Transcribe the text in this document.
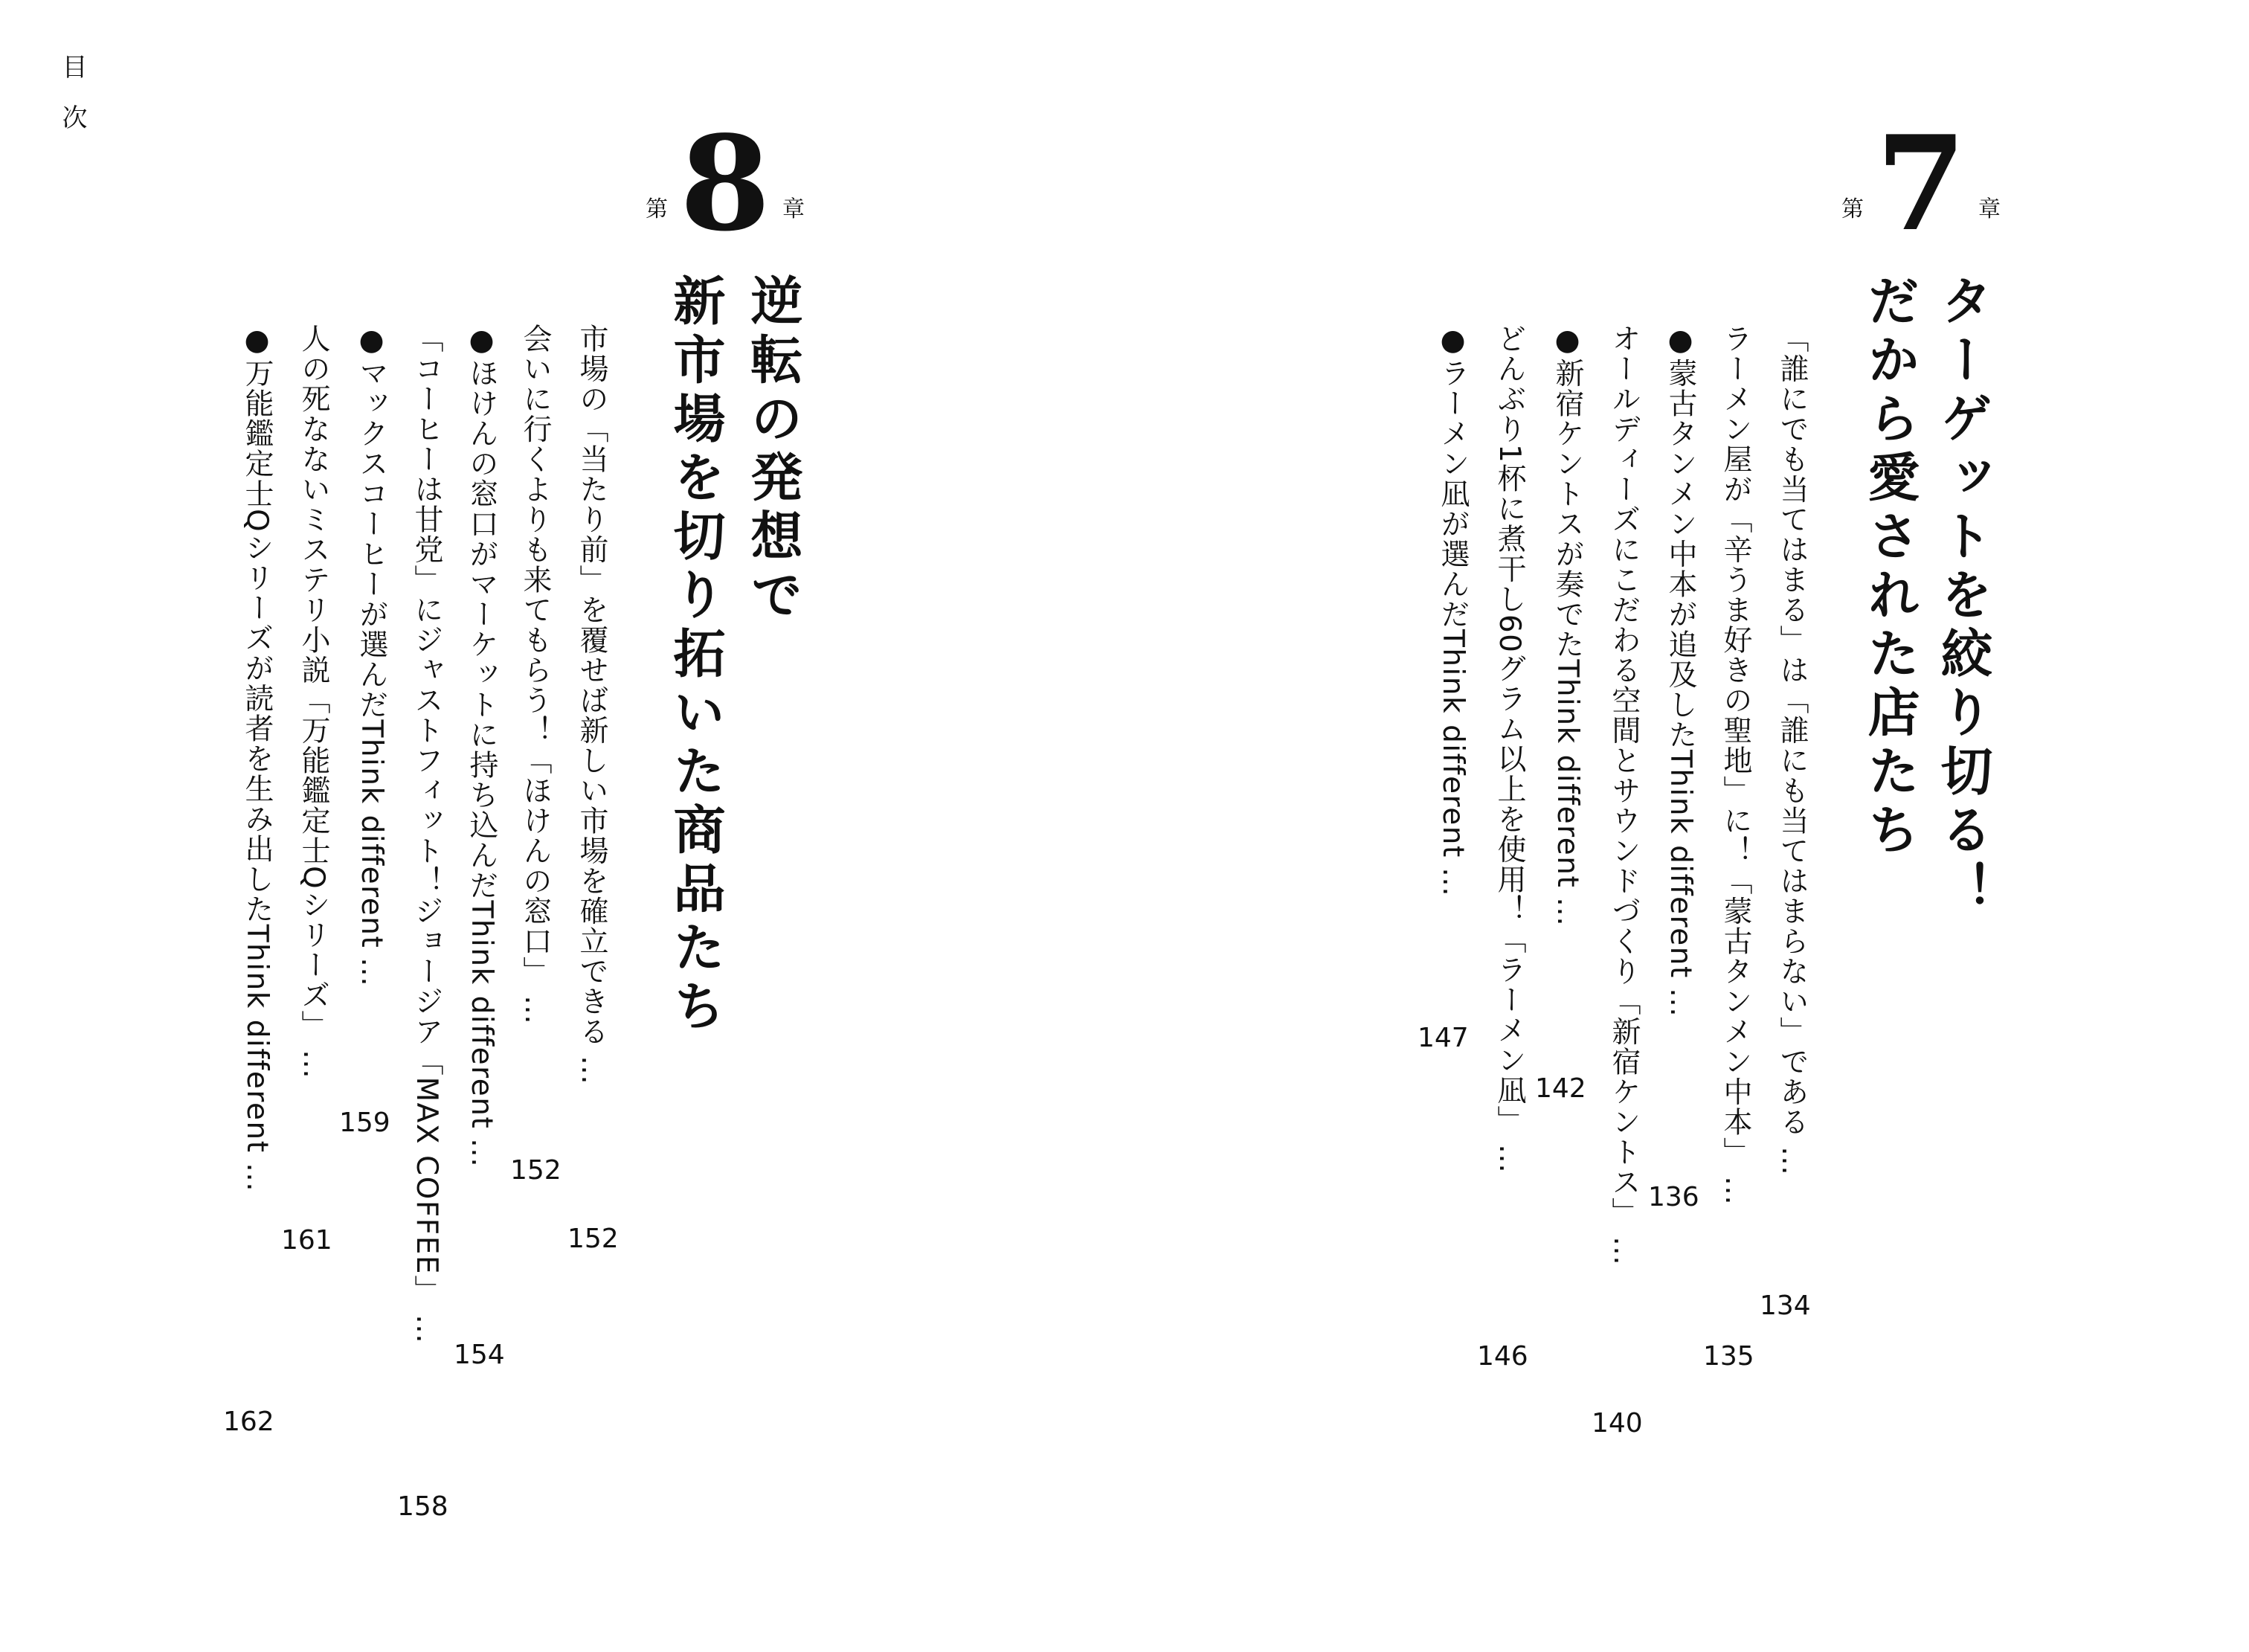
目次
第 8 章
逆転の発想で
新市場を切り拓いた商品たち
市場の「当たり前」を覆せば新しい市場を確立できる…
152
会いに行くよりも来てもらう！「ほけんの窓口」…
152
●ほけんの窓口がマーケットに持ち込んだThink different…
154
「コーヒーは甘党」にジャストフィット！ジョージア「MAX COFFEE」…
158
●マックスコーヒーが選んだThink different…
159
人の死なないミステリ小説「万能鑑定士Qシリーズ」…
161
●万能鑑定士Qシリーズが読者を生み出したThink different…
162
第 7 章
ターゲットを絞り切る！
だから愛された店たち
「誰にでも当てはまる」は「誰にも当てはまらない」である…
134
ラーメン屋が「辛うま好きの聖地」に！「蒙古タンメン中本」…
135
●蒙古タンメン中本が追及したThink different…
136
オールディーズにこだわる空間とサウンドづくり「新宿ケントス」…
140
●新宿ケントスが奏でたThink different…
142
どんぶり1杯に煮干し60グラム以上を使用！「ラーメン凪」…
146
●ラーメン凪が選んだThink different…
147
